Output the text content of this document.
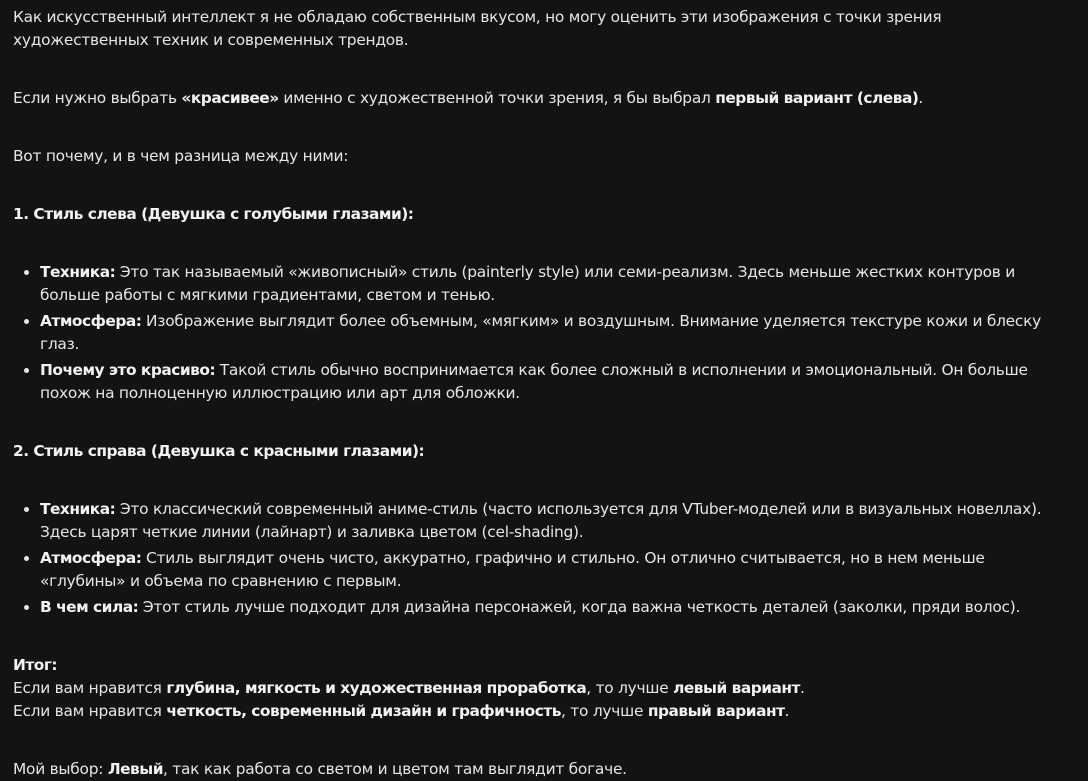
Как искусственный интеллект я не обладаю собственным вкусом, но могу оценить эти изображения с точки зрения художественных техник и современных трендов.

Если нужно выбрать «красивее» именно с художественной точки зрения, я бы выбрал первый вариант (слева).

Вот почему, и в чем разница между ними:

1. Стиль слева (Девушка с голубыми глазами):

• Техника: Это так называемый «живописный» стиль (painterly style) или семи-реализм. Здесь меньше жестких контуров и больше работы с мягкими градиентами, светом и тенью.
• Атмосфера: Изображение выглядит более объемным, «мягким» и воздушным. Внимание уделяется текстуре кожи и блеску глаз.
• Почему это красиво: Такой стиль обычно воспринимается как более сложный в исполнении и эмоциональный. Он больше похож на полноценную иллюстрацию или арт для обложки.

2. Стиль справа (Девушка с красными глазами):

• Техника: Это классический современный аниме-стиль (часто используется для VTuber-моделей или в визуальных новеллах). Здесь царят четкие линии (лайнарт) и заливка цветом (cel-shading).
• Атмосфера: Стиль выглядит очень чисто, аккуратно, графично и стильно. Он отлично считывается, но в нем меньше «глубины» и объема по сравнению с первым.
• В чем сила: Этот стиль лучше подходит для дизайна персонажей, когда важна четкость деталей (заколки, пряди волос).

Итог:
Если вам нравится глубина, мягкость и художественная проработка, то лучше левый вариант.
Если вам нравится четкость, современный дизайн и графичность, то лучше правый вариант.

Мой выбор: Левый, так как работа со светом и цветом там выглядит богаче.
